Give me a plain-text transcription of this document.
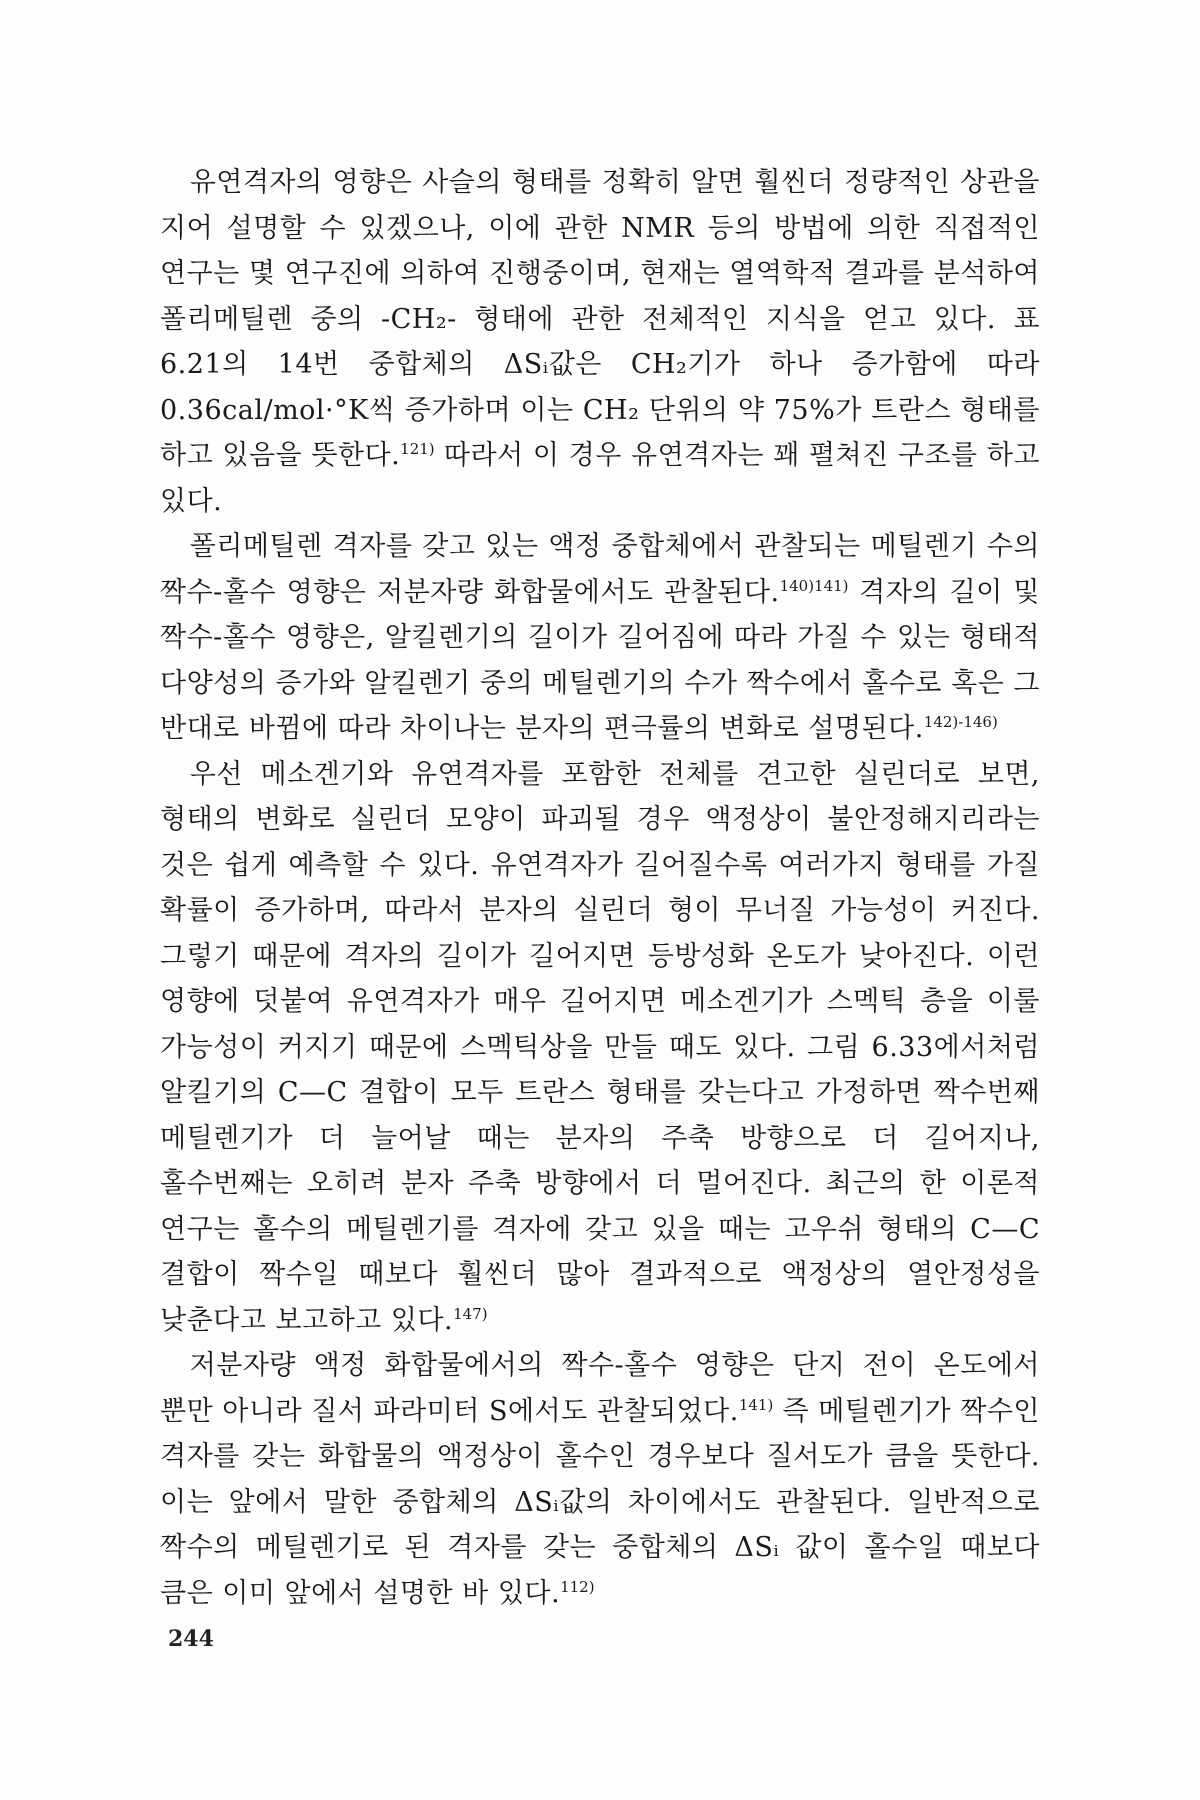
유연격자의 영향은 사슬의 형태를 정확히 알면 훨씬더 정량적인 상관을 지어 설명할 수 있겠으나, 이에 관한 NMR 등의 방법에 의한 직접적인 연구는 몇 연구진에 의하여 진행중이며, 현재는 열역학적 결과를 분석하여 폴리메틸렌 중의 -CH₂- 형태에 관한 전체적인 지식을 얻고 있다. 표 6.21의 14번 중합체의 ΔSᵢ값은 CH₂기가 하나 증가함에 따라 0.36cal/mol·°K씩 증가하며 이는 CH₂ 단위의 약 75%가 트란스 형태를 하고 있음을 뜻한다.$^{121)}$ 따라서 이 경우 유연격자는 꽤 펼쳐진 구조를 하고 있다.

폴리메틸렌 격자를 갖고 있는 액정 중합체에서 관찰되는 메틸렌기 수의 짝수-홀수 영향은 저분자량 화합물에서도 관찰된다.$^{140)141)}$ 격자의 길이 및 짝수-홀수 영향은, 알킬렌기의 길이가 길어짐에 따라 가질 수 있는 형태적 다양성의 증가와 알킬렌기 중의 메틸렌기의 수가 짝수에서 홀수로 혹은 그 반대로 바뀜에 따라 차이나는 분자의 편극률의 변화로 설명된다.$^{142)-146)}$

우선 메소겐기와 유연격자를 포함한 전체를 견고한 실린더로 보면, 형태의 변화로 실린더 모양이 파괴될 경우 액정상이 불안정해지리라는 것은 쉽게 예측할 수 있다. 유연격자가 길어질수록 여러가지 형태를 가질 확률이 증가하며, 따라서 분자의 실린더 형이 무너질 가능성이 커진다. 그렇기 때문에 격자의 길이가 길어지면 등방성화 온도가 낮아진다. 이런 영향에 덧붙여 유연격자가 매우 길어지면 메소겐기가 스멕틱 층을 이룰 가능성이 커지기 때문에 스멕틱상을 만들 때도 있다. 그림 6.33에서처럼 알킬기의 C—C 결합이 모두 트란스 형태를 갖는다고 가정하면 짝수번째 메틸렌기가 더 늘어날 때는 분자의 주축 방향으로 더 길어지나, 홀수번째는 오히려 분자 주축 방향에서 더 멀어진다. 최근의 한 이론적 연구는 홀수의 메틸렌기를 격자에 갖고 있을 때는 고우쉬 형태의 C—C 결합이 짝수일 때보다 훨씬더 많아 결과적으로 액정상의 열안정성을 낮춘다고 보고하고 있다.$^{147)}$

저분자량 액정 화합물에서의 짝수-홀수 영향은 단지 전이 온도에서 뿐만 아니라 질서 파라미터 S에서도 관찰되었다.$^{141)}$ 즉 메틸렌기가 짝수인 격자를 갖는 화합물의 액정상이 홀수인 경우보다 질서도가 큼을 뜻한다. 이는 앞에서 말한 중합체의 ΔSᵢ값의 차이에서도 관찰된다. 일반적으로 짝수의 메틸렌기로 된 격자를 갖는 중합체의 ΔSᵢ 값이 홀수일 때보다 큼은 이미 앞에서 설명한 바 있다.$^{112)}$

244
